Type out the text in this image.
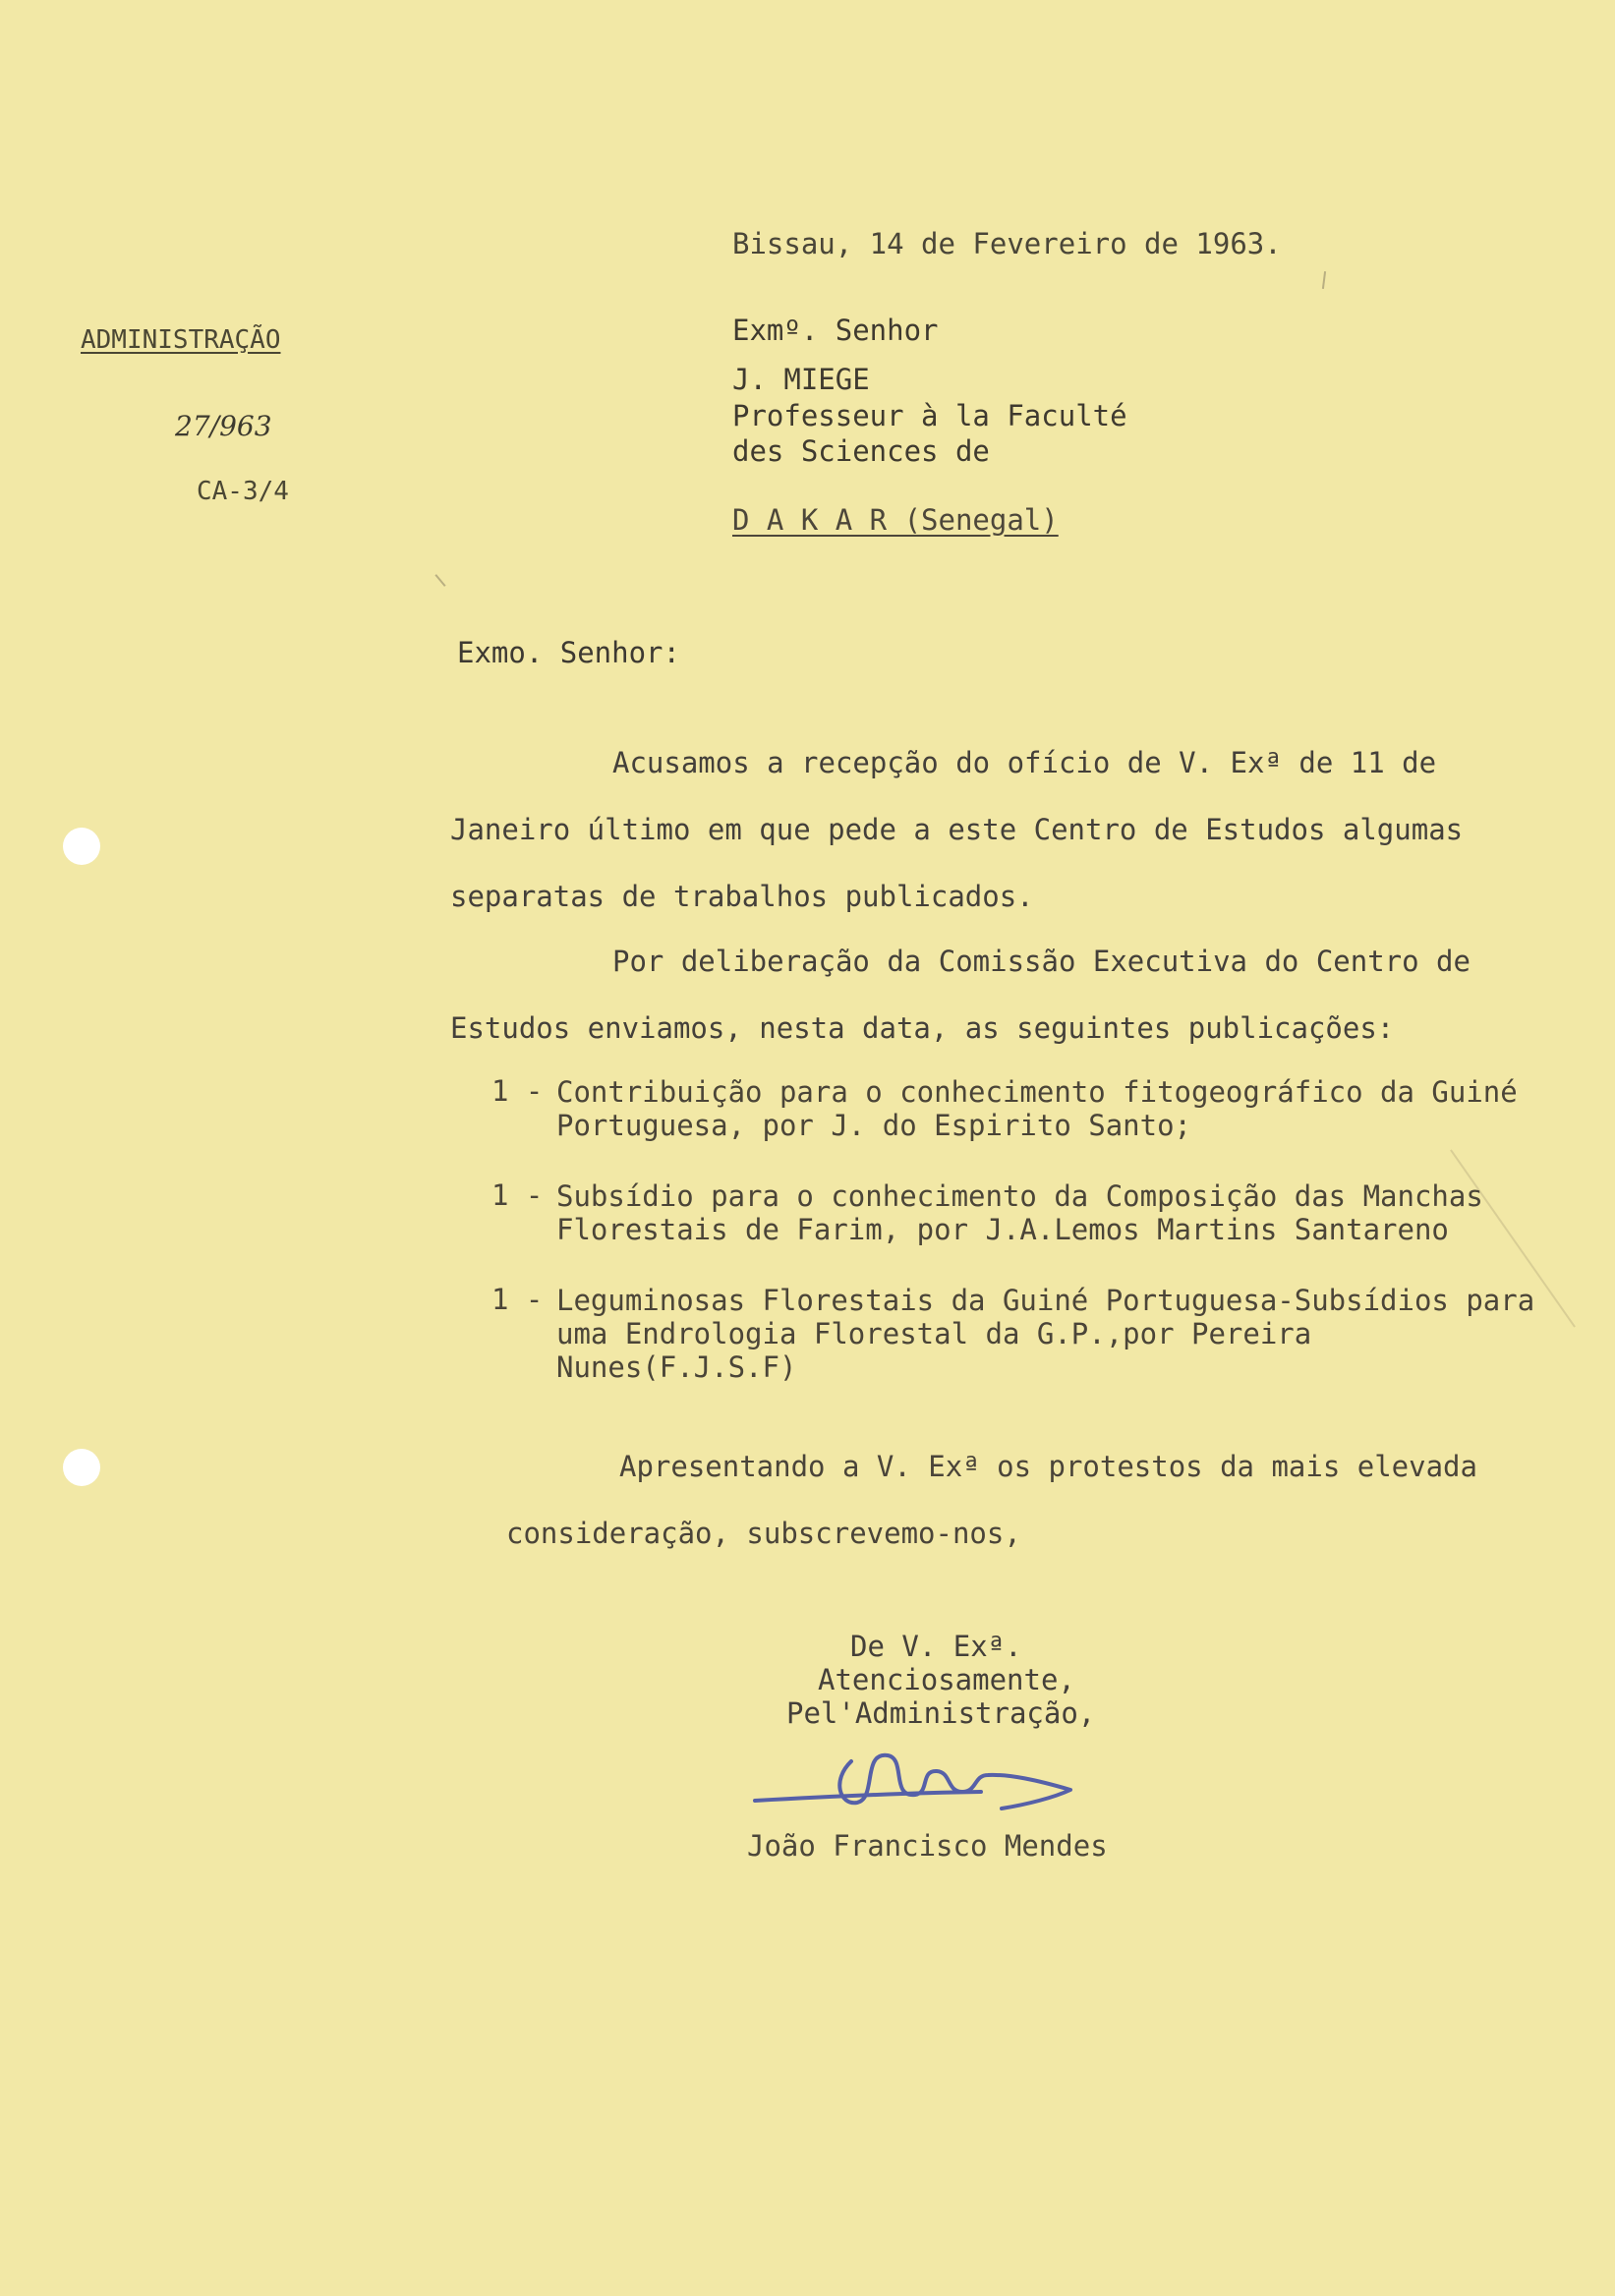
Bissau, 14 de Fevereiro de 1963.
ADMINISTRAÇÃO
27/963
CA-3/4
Exmº. Senhor
J. MIEGE
Professeur à la Faculté
des Sciences de
D A K A R (Senegal)
Exmo. Senhor:
Acusamos a recepção do ofício de V. Exª de 11 de Janeiro último em que pede a este Centro de Estudos algumas separatas de trabalhos publicados.
Por deliberação da Comissão Executiva do Centro de Estudos enviamos, nesta data, as seguintes publicações:
1 - Contribuição para o conhecimento fitogeográfico da Guiné Portuguesa, por J. do Espirito Santo;
1 - Subsídio para o conhecimento da Composição das Manchas Florestais de Farim, por J.A.Lemos Martins Santareno
1 - Leguminosas Florestais da Guiné Portuguesa-Subsídios para uma Endrologia Florestal da G.P.,por Pereira Nunes(F.J.S.F)
Apresentando a V. Exª os protestos da mais elevada consideração, subscrevemo-nos,
De V. Exª.
Atenciosamente,
Pel'Administração,
João Francisco Mendes
